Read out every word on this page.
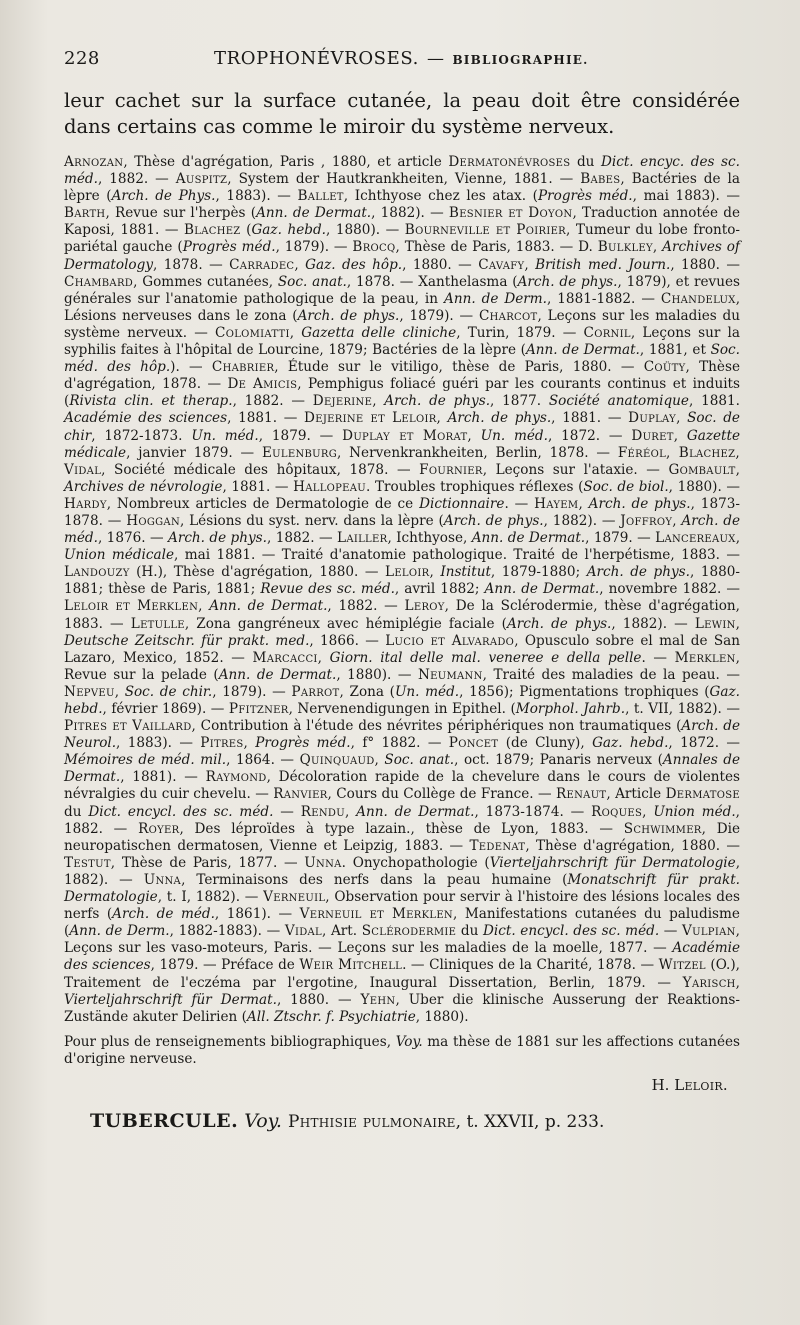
228	TROPHONÉVROSES. — BIBLIOGRAPHIE.
leur cachet sur la surface cutanée, la peau doit être considérée dans certains cas comme le miroir du système nerveux.

Arnozan, Thèse d'agrégation, Paris , 1880, et article Dermatonévroses du Dict. encyc. des sc. méd., 1882. — Auspitz, System der Hautkrankheiten, Vienne, 1881. — Babes, Bactéries de la lèpre (Arch. de Phys., 1883). — Ballet, Ichthyose chez les atax. (Progrès méd., mai 1883). — Barth, Revue sur l'herpès (Ann. de Dermat., 1882). — Besnier et Doyon, Traduction annotée de Kaposi, 1881. — Blachez (Gaz. hebd., 1880). — Bourneville et Poirier, Tumeur du lobe fronto-pariétal gauche (Progrès méd., 1879). — Brocq, Thèse de Paris, 1883. — D. Bulkley, Archives of Dermatology, 1878. — Carradec, Gaz. des hôp., 1880. — Cavafy, British med. Journ., 1880. — Chambard, Gommes cutanées, Soc. anat., 1878. — Xanthelasma (Arch. de phys., 1879), et revues générales sur l'anatomie pathologique de la peau, in Ann. de Derm., 1881-1882. — Chandelux, Lésions nerveuses dans le zona (Arch. de phys., 1879). — Charcot, Leçons sur les maladies du système nerveux. — Colomiatti, Gazetta delle cliniche, Turin, 1879. — Cornil, Leçons sur la syphilis faites à l'hôpital de Lourcine, 1879; Bactéries de la lèpre (Ann. de Dermat., 1881, et Soc. méd. des hôp.). — Chabrier, Étude sur le vitiligo, thèse de Paris, 1880. — Coüty, Thèse d'agrégation, 1878. — De Amicis, Pemphigus foliacé guéri par les courants continus et induits (Rivista clin. et therap., 1882. — Dejerine, Arch. de phys., 1877. Société anatomique, 1881. Académie des sciences, 1881. — Dejerine et Leloir, Arch. de phys., 1881. — Duplay, Soc. de chir, 1872-1873. Un. méd., 1879. — Duplay et Morat, Un. méd., 1872. — Duret, Gazette médicale, janvier 1879. — Eulenburg, Nervenkrankheiten, Berlin, 1878. — Féréol, Blachez, Vidal, Société médicale des hôpitaux, 1878. — Fournier, Leçons sur l'ataxie. — Gombault, Archives de névrologie, 1881. — Hallopeau. Troubles trophiques réflexes (Soc. de biol., 1880). — Hardy, Nombreux articles de Dermatologie de ce Dictionnaire. — Hayem, Arch. de phys., 1873-1878. — Hoggan, Lésions du syst. nerv. dans la lèpre (Arch. de phys., 1882). — Joffroy, Arch. de méd., 1876. — Arch. de phys., 1882. — Lailler, Ichthyose, Ann. de Dermat., 1879. — Lancereaux, Union médicale, mai 1881. — Traité d'anatomie pathologique. Traité de l'herpétisme, 1883. — Landouzy (H.), Thèse d'agrégation, 1880. — Leloir, Institut, 1879-1880; Arch. de phys., 1880-1881; thèse de Paris, 1881; Revue des sc. méd., avril 1882; Ann. de Dermat., novembre 1882. — Leloir et Merklen, Ann. de Dermat., 1882. — Leroy, De la Sclérodermie, thèse d'agrégation, 1883. — Letulle, Zona gangréneux avec hémiplégie faciale (Arch. de phys., 1882). — Lewin, Deutsche Zeitschr. für prakt. med., 1866. — Lucio et Alvarado, Opusculo sobre el mal de San Lazaro, Mexico, 1852. — Marcacci, Giorn. ital delle mal. veneree e della pelle. — Merklen, Revue sur la pelade (Ann. de Dermat., 1880). — Neumann, Traité des maladies de la peau. — Nepveu, Soc. de chir., 1879). — Parrot, Zona (Un. méd., 1856); Pigmentations trophiques (Gaz. hebd., février 1869). — Pfitzner, Nervenendigungen in Epithel. (Morphol. Jahrb., t. VII, 1882). — Pitres et Vaillard, Contribution à l'étude des névrites périphériques non traumatiques (Arch. de Neurol., 1883). — Pitres, Progrès méd., f° 1882. — Poncet (de Cluny), Gaz. hebd., 1872. — Mémoires de méd. mil., 1864. — Quinquaud, Soc. anat., oct. 1879; Panaris nerveux (Annales de Dermat., 1881). — Raymond, Décoloration rapide de la chevelure dans le cours de violentes névralgies du cuir chevelu. — Ranvier, Cours du Collège de France. — Renaut, Article Dermatose du Dict. encycl. des sc. méd. — Rendu, Ann. de Dermat., 1873-1874. — Roques, Union méd., 1882. — Royer, Des léproïdes à type lazain., thèse de Lyon, 1883. — Schwimmer, Die neuropatischen dermatosen, Vienne et Leipzig, 1883. — Tedenat, Thèse d'agrégation, 1880. — Testut, Thèse de Paris, 1877. — Unna. Onychopathologie (Vierteljahrschrift für Dermatologie, 1882). — Unna, Terminaisons des nerfs dans la peau humaine (Monatschrift für prakt. Dermatologie, t. I, 1882). — Verneuil, Observation pour servir à l'histoire des lésions locales des nerfs (Arch. de méd., 1861). — Verneuil et Merklen, Manifestations cutanées du paludisme (Ann. de Derm., 1882-1883). — Vidal, Art. Sclérodermie du Dict. encycl. des sc. méd. — Vulpian, Leçons sur les vaso-moteurs, Paris. — Leçons sur les maladies de la moelle, 1877. — Académie des sciences, 1879. — Préface de Weir Mitchell. — Cliniques de la Charité, 1878. — Witzel (O.), Traitement de l'eczéma par l'ergotine, Inaugural Dissertation, Berlin, 1879. — Yarisch, Vierteljahrschrift für Dermat., 1880. — Yehn, Uber die klinische Ausserung der Reaktions-Zustände akuter Delirien (All. Ztschr. f. Psychiatrie, 1880).

Pour plus de renseignements bibliographiques, Voy. ma thèse de 1881 sur les affections cutanées d'origine nerveuse.
H. Leloir.
TUBERCULE. Voy. Phthisie pulmonaire, t. XXVII, p. 233.
